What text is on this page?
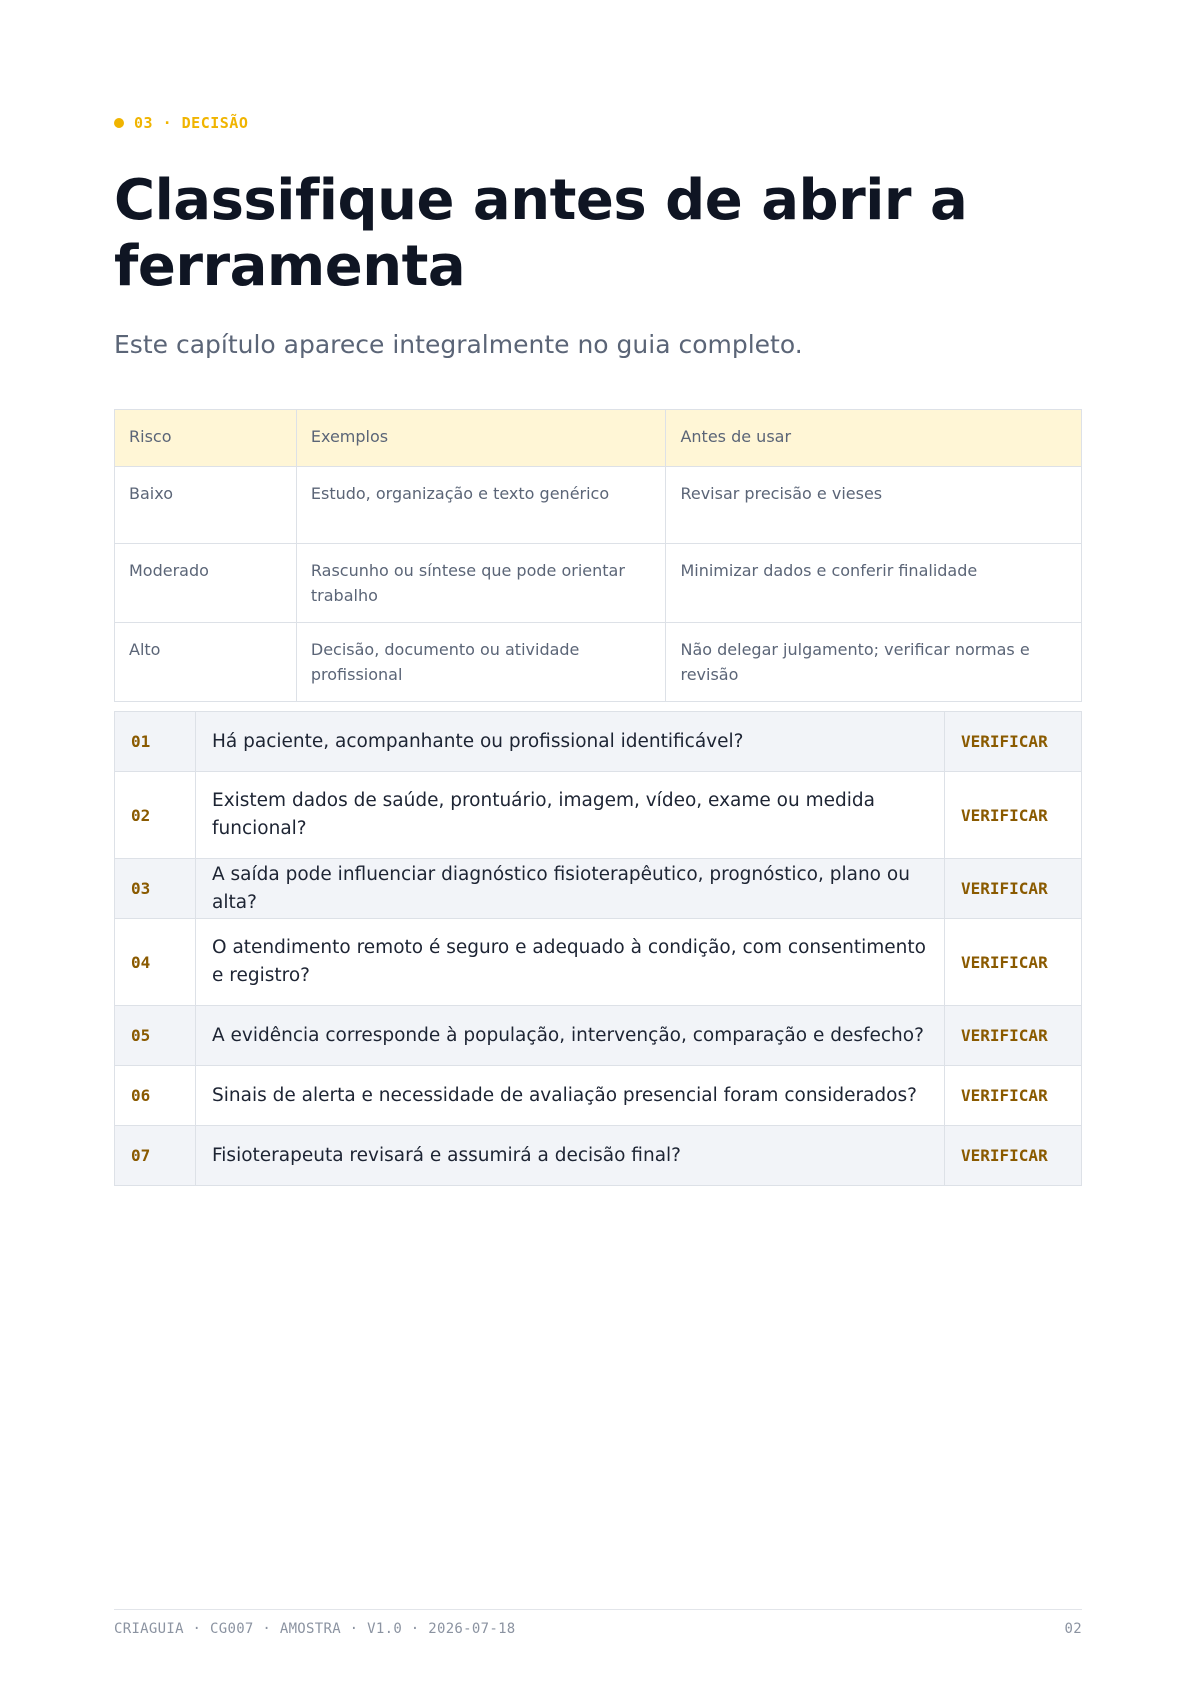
03 · DECISÃO
Classifique antes de abrir a ferramenta

Este capítulo aparece integralmente no guia completo.

Risco	Exemplos	Antes de usar
Baixo	Estudo, organização e texto genérico	Revisar precisão e vieses
Moderado	Rascunho ou síntese que pode orientar trabalho	Minimizar dados e conferir finalidade
Alto	Decisão, documento ou atividade profissional	Não delegar julgamento; verificar normas e revisão
01	Há paciente, acompanhante ou profissional identificável?	VERIFICAR
02	Existem dados de saúde, prontuário, imagem, vídeo, exame ou medida funcional?	VERIFICAR
03	A saída pode influenciar diagnóstico fisioterapêutico, prognóstico, plano ou alta?	VERIFICAR
04	O atendimento remoto é seguro e adequado à condição, com consentimento e registro?	VERIFICAR
05	A evidência corresponde à população, intervenção, comparação e desfecho?	VERIFICAR
06	Sinais de alerta e necessidade de avaliação presencial foram considerados?	VERIFICAR
07	Fisioterapeuta revisará e assumirá a decisão final?	VERIFICAR
CRIAGUIA · CG007 · AMOSTRA · V1.0 · 2026-07-18	02
